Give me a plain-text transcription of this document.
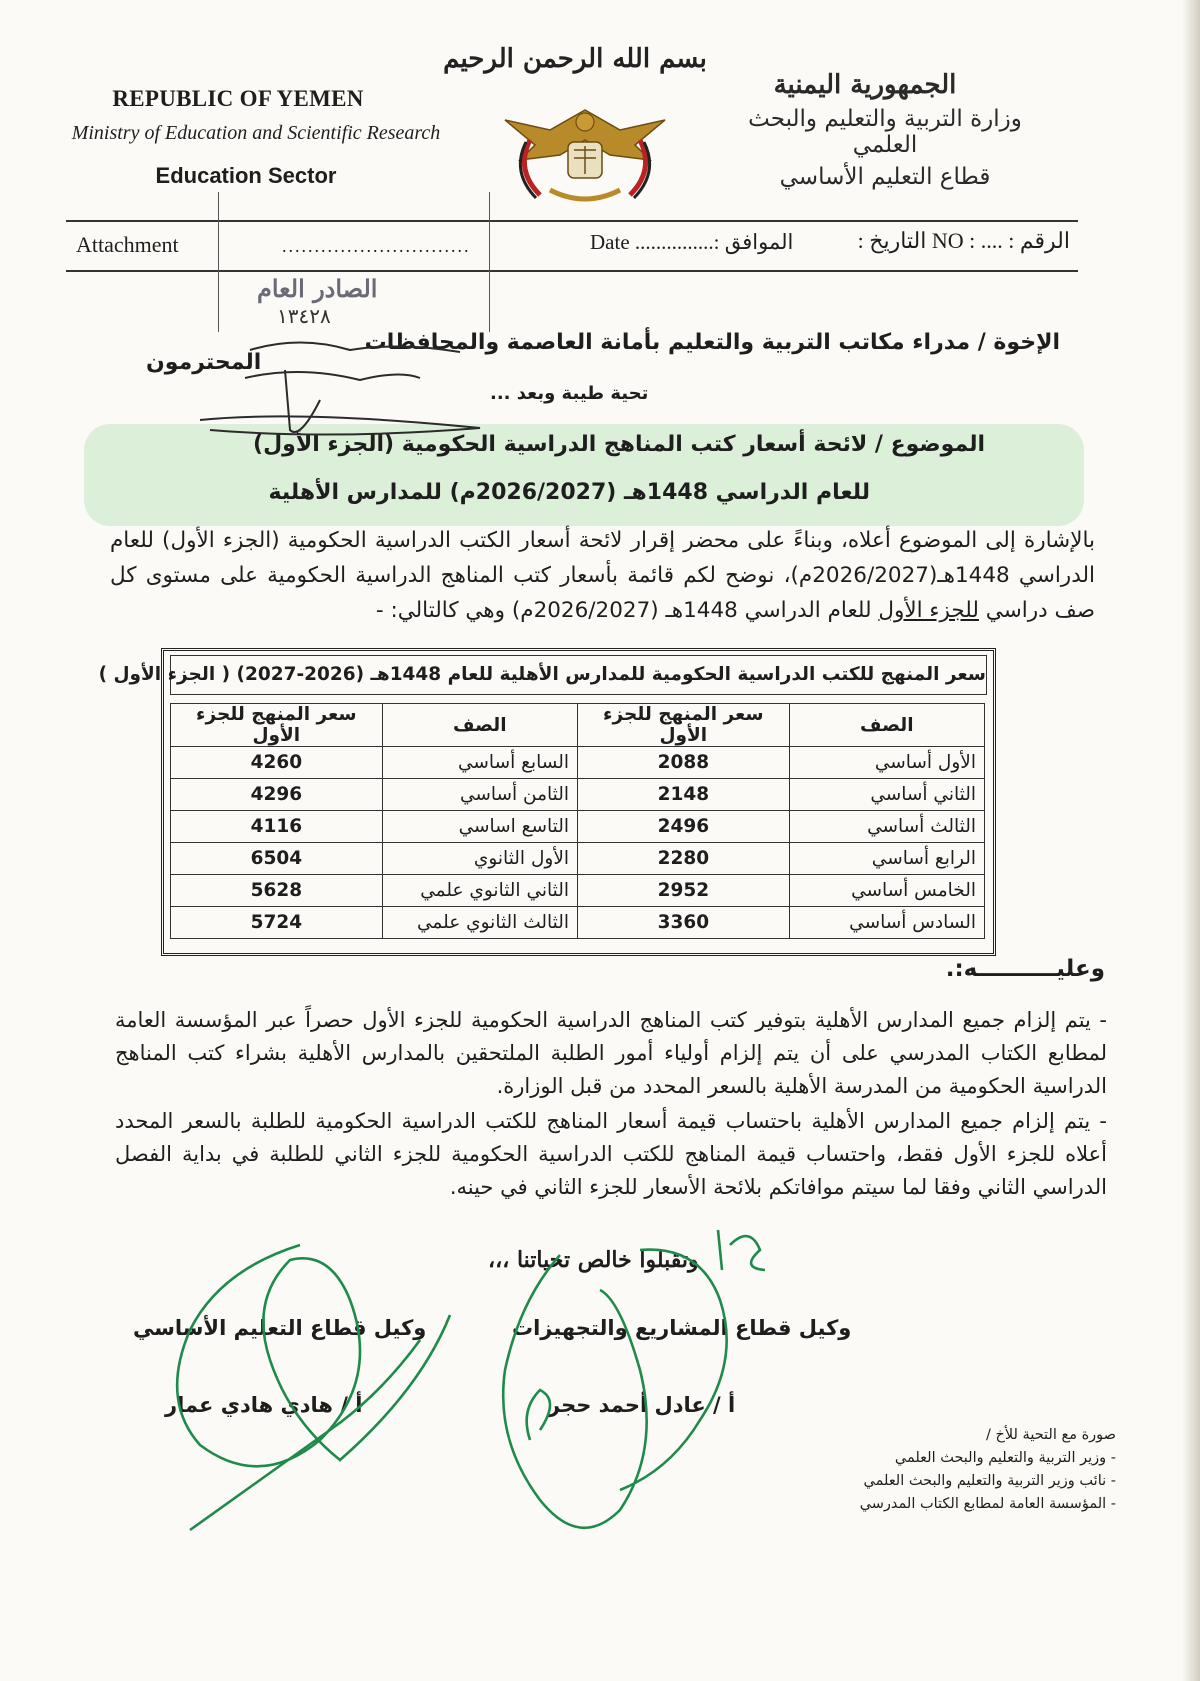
REPUBLIC OF YEMEN
Ministry of Education and Scientific Research
Education Sector
بسم الله الرحمن الرحيم
الجمهورية اليمنية
وزارة التربية والتعليم والبحث العلمي
قطاع التعليم الأساسي
Attachment	.............................	الموافق :............... Date	الرقم : .... : NO التاريخ :
الصادر العام
١٣٤٢٨
الإخوة / مدراء مكاتب التربية والتعليم بأمانة العاصمة والمحافظات
المحترمون
تحية طيبة وبعد ...
الموضوع / لائحة أسعار كتب المناهج الدراسية الحكومية (الجزء الأول)
للعام الدراسي 1448هـ (2026/2027م) للمدارس الأهلية
بالإشارة إلى الموضوع أعلاه، وبناءً على محضر إقرار لائحة أسعار الكتب الدراسية الحكومية (الجزء الأول) للعام الدراسي 1448هـ(2026/2027م)، نوضح لكم قائمة بأسعار كتب المناهج الدراسية الحكومية على مستوى كل صف دراسي للجزء الأول للعام الدراسي 1448هـ (2026/2027م) وهي كالتالي: -
سعر المنهج للكتب الدراسية الحكومية للمدارس الأهلية للعام 1448هـ (2026-2027) ( الجزء الأول )
الصف	سعر المنهج للجزء الأول	الصف	سعر المنهج للجزء الأول
الأول أساسي	2088	السابع أساسي	4260
الثاني أساسي	2148	الثامن أساسي	4296
الثالث أساسي	2496	التاسع اساسي	4116
الرابع أساسي	2280	الأول الثانوي	6504
الخامس أساسي	2952	الثاني الثانوي علمي	5628
السادس أساسي	3360	الثالث الثانوي علمي	5724
وعليــــــــــه:.

- يتم إلزام جميع المدارس الأهلية بتوفير كتب المناهج الدراسية الحكومية للجزء الأول حصراً عبر المؤسسة العامة لمطابع الكتاب المدرسي على أن يتم إلزام أولياء أمور الطلبة الملتحقين بالمدارس الأهلية بشراء كتب المناهج الدراسية الحكومية من المدرسة الأهلية بالسعر المحدد من قبل الوزارة.

- يتم إلزام جميع المدارس الأهلية باحتساب قيمة أسعار المناهج للكتب الدراسية الحكومية للطلبة بالسعر المحدد أعلاه للجزء الأول فقط، واحتساب قيمة المناهج للكتب الدراسية الحكومية للجزء الثاني للطلبة في بداية الفصل الدراسي الثاني وفقا لما سيتم موافاتكم بلائحة الأسعار للجزء الثاني في حينه.

وتقبلوا خالص تحياتنا ،،،
وكيل قطاع التعليم الأساسي
أ / هادي هادي عمار
وكيل قطاع المشاريع والتجهيزات
أ / عادل أحمد حجر
صورة مع التحية للأخ /
- وزير التربية والتعليم والبحث العلمي
- نائب وزير التربية والتعليم والبحث العلمي
- المؤسسة العامة لمطابع الكتاب المدرسي
